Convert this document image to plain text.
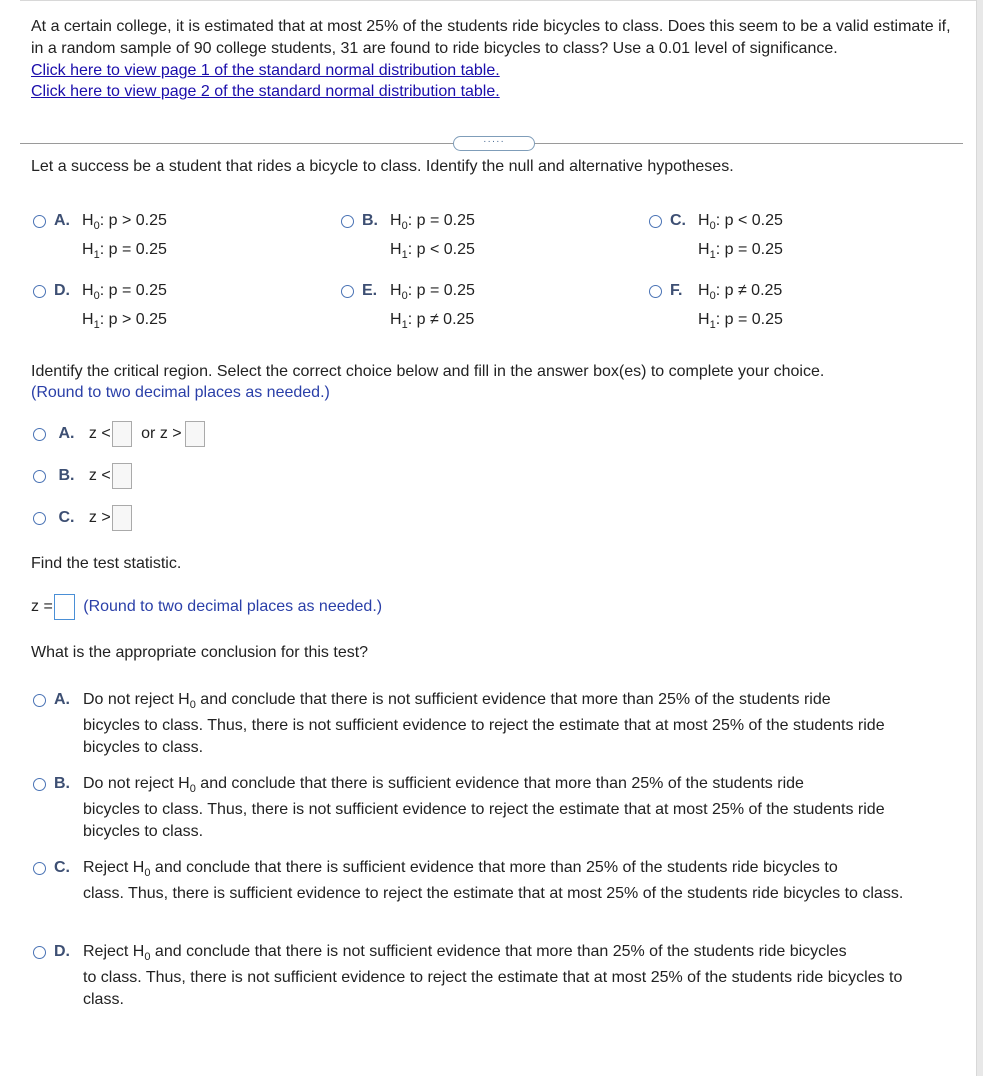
At a certain college, it is estimated that at most 25% of the students ride bicycles to class. Does this seem to be a valid estimate if, in a random sample of 90 college students, 31 are found to ride bicycles to class? Use a 0.01 level of significance.

Click here to view page 1 of the standard normal distribution table.
Click here to view page 2 of the standard normal distribution table.
·····
Let a success be a student that rides a bicycle to class. Identify the null and alternative hypotheses.
A. $H_0$: p > 0.25
$H_1$: p = 0.25
B. $H_0$: p = 0.25
$H_1$: p < 0.25
C. $H_0$: p < 0.25
$H_1$: p = 0.25
D. $H_0$: p = 0.25
$H_1$: p > 0.25
E. $H_0$: p = 0.25
$H_1$: p ≠ 0.25
F. $H_0$: p ≠ 0.25
$H_1$: p = 0.25
Identify the critical region. Select the correct choice below and fill in the answer box(es) to complete your choice.
(Round to two decimal places as needed.)
A. z < or z >
B. z <
C. z >
Find the test statistic.
z = (Round to two decimal places as needed.)
What is the appropriate conclusion for this test?
A. Do not reject $H_0$ and conclude that there is not sufficient evidence that more than 25% of the students ride
bicycles to class. Thus, there is not sufficient evidence to reject the estimate that at most 25% of the students ride bicycles to class.
B. Do not reject $H_0$ and conclude that there is sufficient evidence that more than 25% of the students ride
bicycles to class. Thus, there is not sufficient evidence to reject the estimate that at most 25% of the students ride bicycles to class.
C. Reject $H_0$ and conclude that there is sufficient evidence that more than 25% of the students ride bicycles to
class. Thus, there is sufficient evidence to reject the estimate that at most 25% of the students ride bicycles to class.
D. Reject $H_0$ and conclude that there is not sufficient evidence that more than 25% of the students ride bicycles
to class. Thus, there is not sufficient evidence to reject the estimate that at most 25% of the students ride bicycles to class.
